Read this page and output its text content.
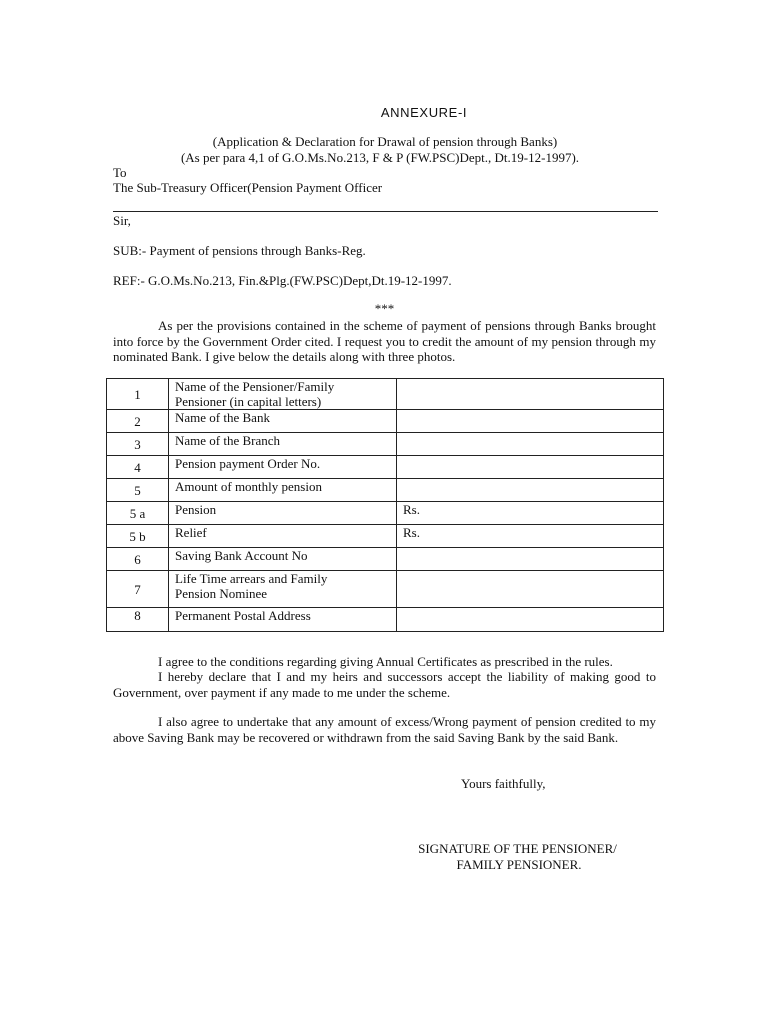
ANNEXURE-I
(Application & Declaration for Drawal of pension through Banks)
(As per para 4,1 of G.O.Ms.No.213, F & P (FW.PSC)Dept., Dt.19-12-1997).
To
The Sub-Treasury Officer(Pension Payment Officer
Sir,
SUB:- Payment of pensions through Banks-Reg.
REF:- G.O.Ms.No.213, Fin.&Plg.(FW.PSC)Dept,Dt.19-12-1997.
***
As per the provisions contained in the scheme of payment of pensions through Banks brought into force by the Government Order cited. I request you to credit the amount of my pension through my nominated Bank. I give below the details along with three photos.
1	Name of the Pensioner/Family
Pensioner (in capital letters)	

2	Name of the Bank	
3	Name of the Branch	
4	Pension payment Order No.	
5	Amount of monthly pension	
5 a	Pension	Rs.
5 b	Relief	Rs.
6	Saving Bank Account No	
7	Life Time arrears and Family
Pension Nominee	

8	Permanent Postal Address	
I agree to the conditions regarding giving Annual Certificates as prescribed in the rules.
I hereby declare that I and my heirs and successors accept the liability of making good to Government, over payment if any made to me under the scheme.
I also agree to undertake that any amount of excess/Wrong payment of pension credited to my above Saving Bank may be recovered or withdrawn from the said Saving Bank by the said Bank.
Yours faithfully,
SIGNATURE OF THE PENSIONER/
FAMILY PENSIONER.
